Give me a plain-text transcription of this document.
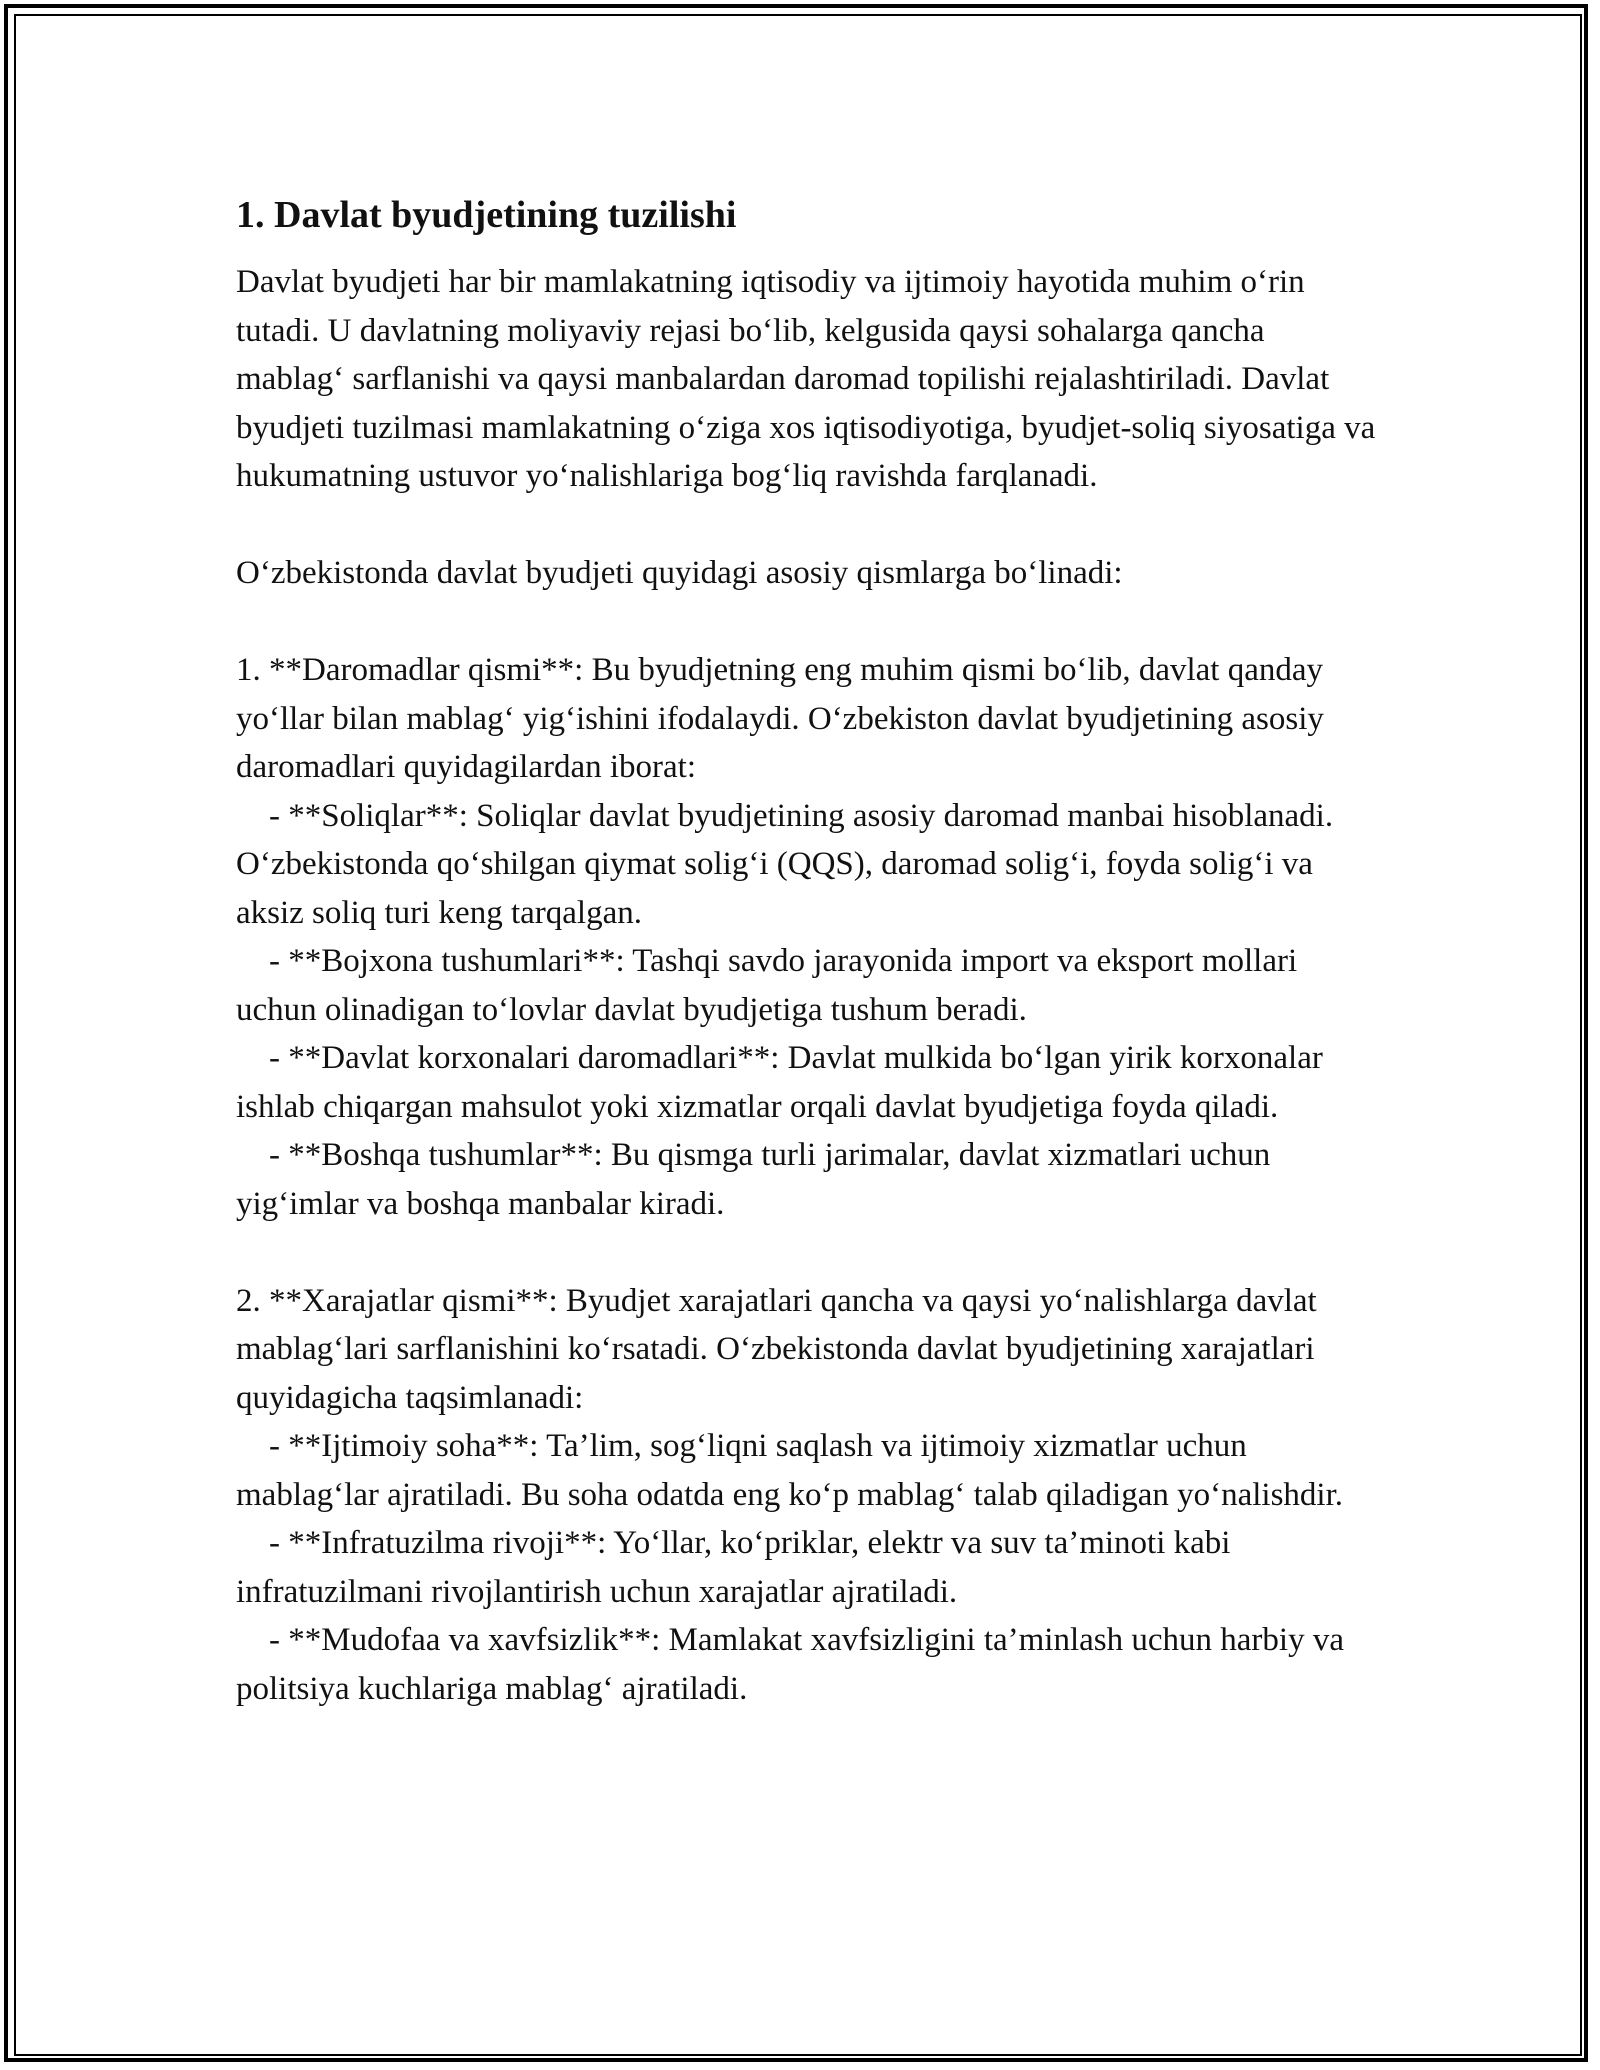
1. Davlat byudjetining tuzilishi

Davlat byudjeti har bir mamlakatning iqtisodiy va ijtimoiy hayotida muhim o‘rin tutadi. U davlatning moliyaviy rejasi bo‘lib, kelgusida qaysi sohalarga qancha mablag‘ sarflanishi va qaysi manbalardan daromad topilishi rejalashtiriladi. Davlat byudjeti tuzilmasi mamlakatning o‘ziga xos iqtisodiyotiga, byudjet-soliq siyosatiga va hukumatning ustuvor yo‘nalishlariga bog‘liq ravishda farqlanadi.

O‘zbekistonda davlat byudjeti quyidagi asosiy qismlarga bo‘linadi:

1. **Daromadlar qismi**: Bu byudjetning eng muhim qismi bo‘lib, davlat qanday yo‘llar bilan mablag‘ yig‘ishini ifodalaydi. O‘zbekiston davlat byudjetining asosiy daromadlari quyidagilardan iborat:

- **Soliqlar**: Soliqlar davlat byudjetining asosiy daromad manbai hisoblanadi. O‘zbekistonda qo‘shilgan qiymat solig‘i (QQS), daromad solig‘i, foyda solig‘i va aksiz soliq turi keng tarqalgan.

- **Bojxona tushumlari**: Tashqi savdo jarayonida import va eksport mollari uchun olinadigan to‘lovlar davlat byudjetiga tushum beradi.

- **Davlat korxonalari daromadlari**: Davlat mulkida bo‘lgan yirik korxonalar ishlab chiqargan mahsulot yoki xizmatlar orqali davlat byudjetiga foyda qiladi.

- **Boshqa tushumlar**: Bu qismga turli jarimalar, davlat xizmatlari uchun yig‘imlar va boshqa manbalar kiradi.

2. **Xarajatlar qismi**: Byudjet xarajatlari qancha va qaysi yo‘nalishlarga davlat mablag‘lari sarflanishini ko‘rsatadi. O‘zbekistonda davlat byudjetining xarajatlari quyidagicha taqsimlanadi:

- **Ijtimoiy soha**: Ta’lim, sog‘liqni saqlash va ijtimoiy xizmatlar uchun mablag‘lar ajratiladi. Bu soha odatda eng ko‘p mablag‘ talab qiladigan yo‘nalishdir.

- **Infratuzilma rivoji**: Yo‘llar, ko‘priklar, elektr va suv ta’minoti kabi infratuzilmani rivojlantirish uchun xarajatlar ajratiladi.

- **Mudofaa va xavfsizlik**: Mamlakat xavfsizligini ta’minlash uchun harbiy va politsiya kuchlariga mablag‘ ajratiladi.
